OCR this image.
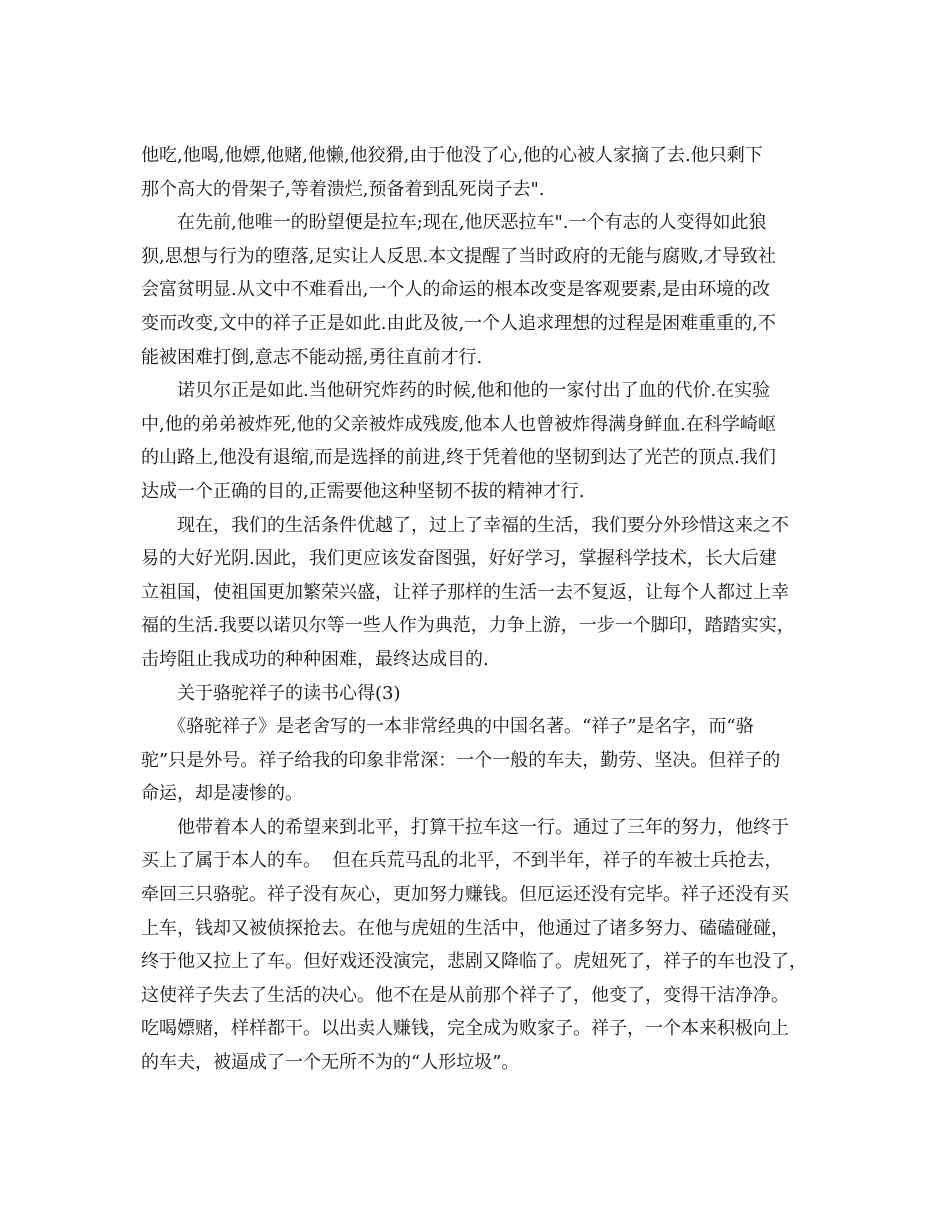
他吃,他喝,他嫖,他赌,他懒,他狡猾,由于他没了心,他的心被人家摘了去.他只剩下
那个高大的骨架子,等着溃烂,预备着到乱死岗子去".
　　在先前,他唯一的盼望便是拉车;现在,他厌恶拉车".一个有志的人变得如此狼
狈,思想与行为的堕落,足实让人反思.本文提醒了当时政府的无能与腐败,才导致社
会富贫明显.从文中不难看出,一个人的命运的根本改变是客观要素,是由环境的改
变而改变,文中的祥子正是如此.由此及彼,一个人追求理想的过程是困难重重的,不
能被困难打倒,意志不能动摇,勇往直前才行.
　　诺贝尔正是如此.当他研究炸药的时候,他和他的一家付出了血的代价.在实验
中,他的弟弟被炸死,他的父亲被炸成残废,他本人也曾被炸得满身鲜血.在科学崎岖
的山路上,他没有退缩,而是选择的前进,终于凭着他的坚韧到达了光芒的顶点.我们
达成一个正确的目的,正需要他这种坚韧不拔的精神才行.
　　现在，我们的生活条件优越了，过上了幸福的生活，我们要分外珍惜这来之不
易的大好光阴.因此，我们更应该发奋图强，好好学习，掌握科学技术，长大后建
立祖国，使祖国更加繁荣兴盛，让祥子那样的生活一去不复返，让每个人都过上幸
福的生活.我要以诺贝尔等一些人作为典范，力争上游，一步一个脚印，踏踏实实，
击垮阻止我成功的种种困难，最终达成目的.
　　关于骆驼祥子的读书心得(3)
　　《骆驼祥子》是老舍写的一本非常经典的中国名著。“祥子”是名字，而“骆
驼”只是外号。祥子给我的印象非常深：一个一般的车夫，勤劳、坚决。但祥子的
命运，却是凄惨的。
　　他带着本人的希望来到北平，打算干拉车这一行。通过了三年的努力，他终于
买上了属于本人的车。  但在兵荒马乱的北平，不到半年，祥子的车被士兵抢去，
牵回三只骆驼。祥子没有灰心，更加努力赚钱。但厄运还没有完毕。祥子还没有买
上车，钱却又被侦探抢去。在他与虎妞的生活中，他通过了诸多努力、磕磕碰碰，
终于他又拉上了车。但好戏还没演完，悲剧又降临了。虎妞死了，祥子的车也没了，
这使祥子失去了生活的决心。他不在是从前那个祥子了，他变了，变得干洁净净。
吃喝嫖赌，样样都干。以出卖人赚钱，完全成为败家子。祥子，一个本来积极向上
的车夫，被逼成了一个无所不为的“人形垃圾”。
